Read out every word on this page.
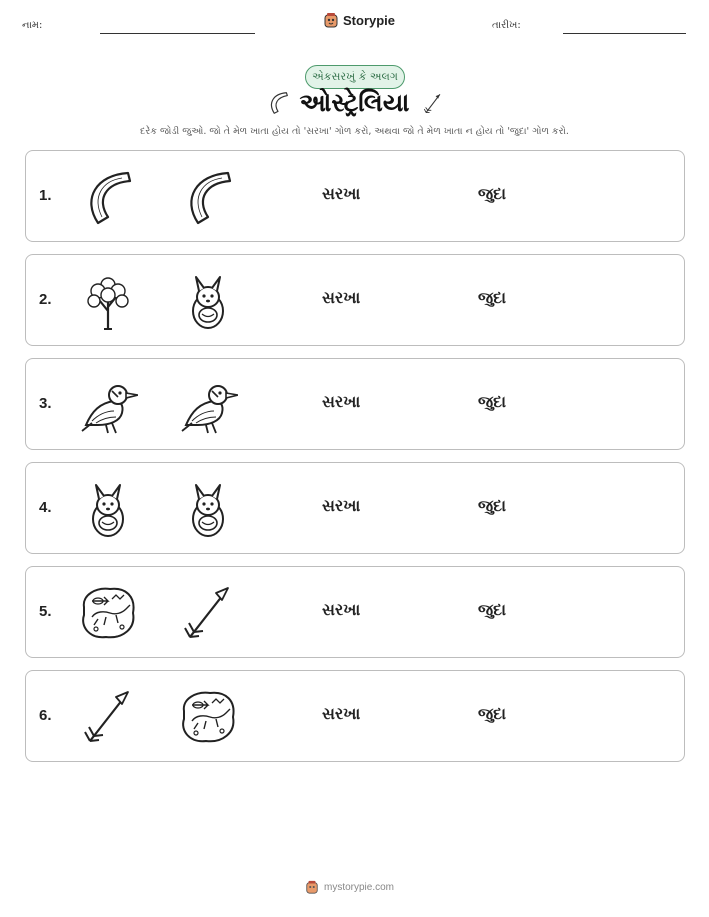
નામ:	Storypie	તારીખ:
એકસરખું કે અલગ
ઓસ્ટ્રેલિયા
દરેક જોડી જુઓ. જો તે મેળ ખાતા હોય તો 'સરખા' ગોળ કરો, અથવા જો તે મેળ ખાતા ન હોય તો 'જુદા' ગોળ કરો.
1.	સરખા	જુદા
2.	સરખા	જુદા
3.	સરખા	જુદા
4.	સરખા	જુદા
5.	સરખા	જુદા
6.	સરખા	જુદા
mystorypie.com
